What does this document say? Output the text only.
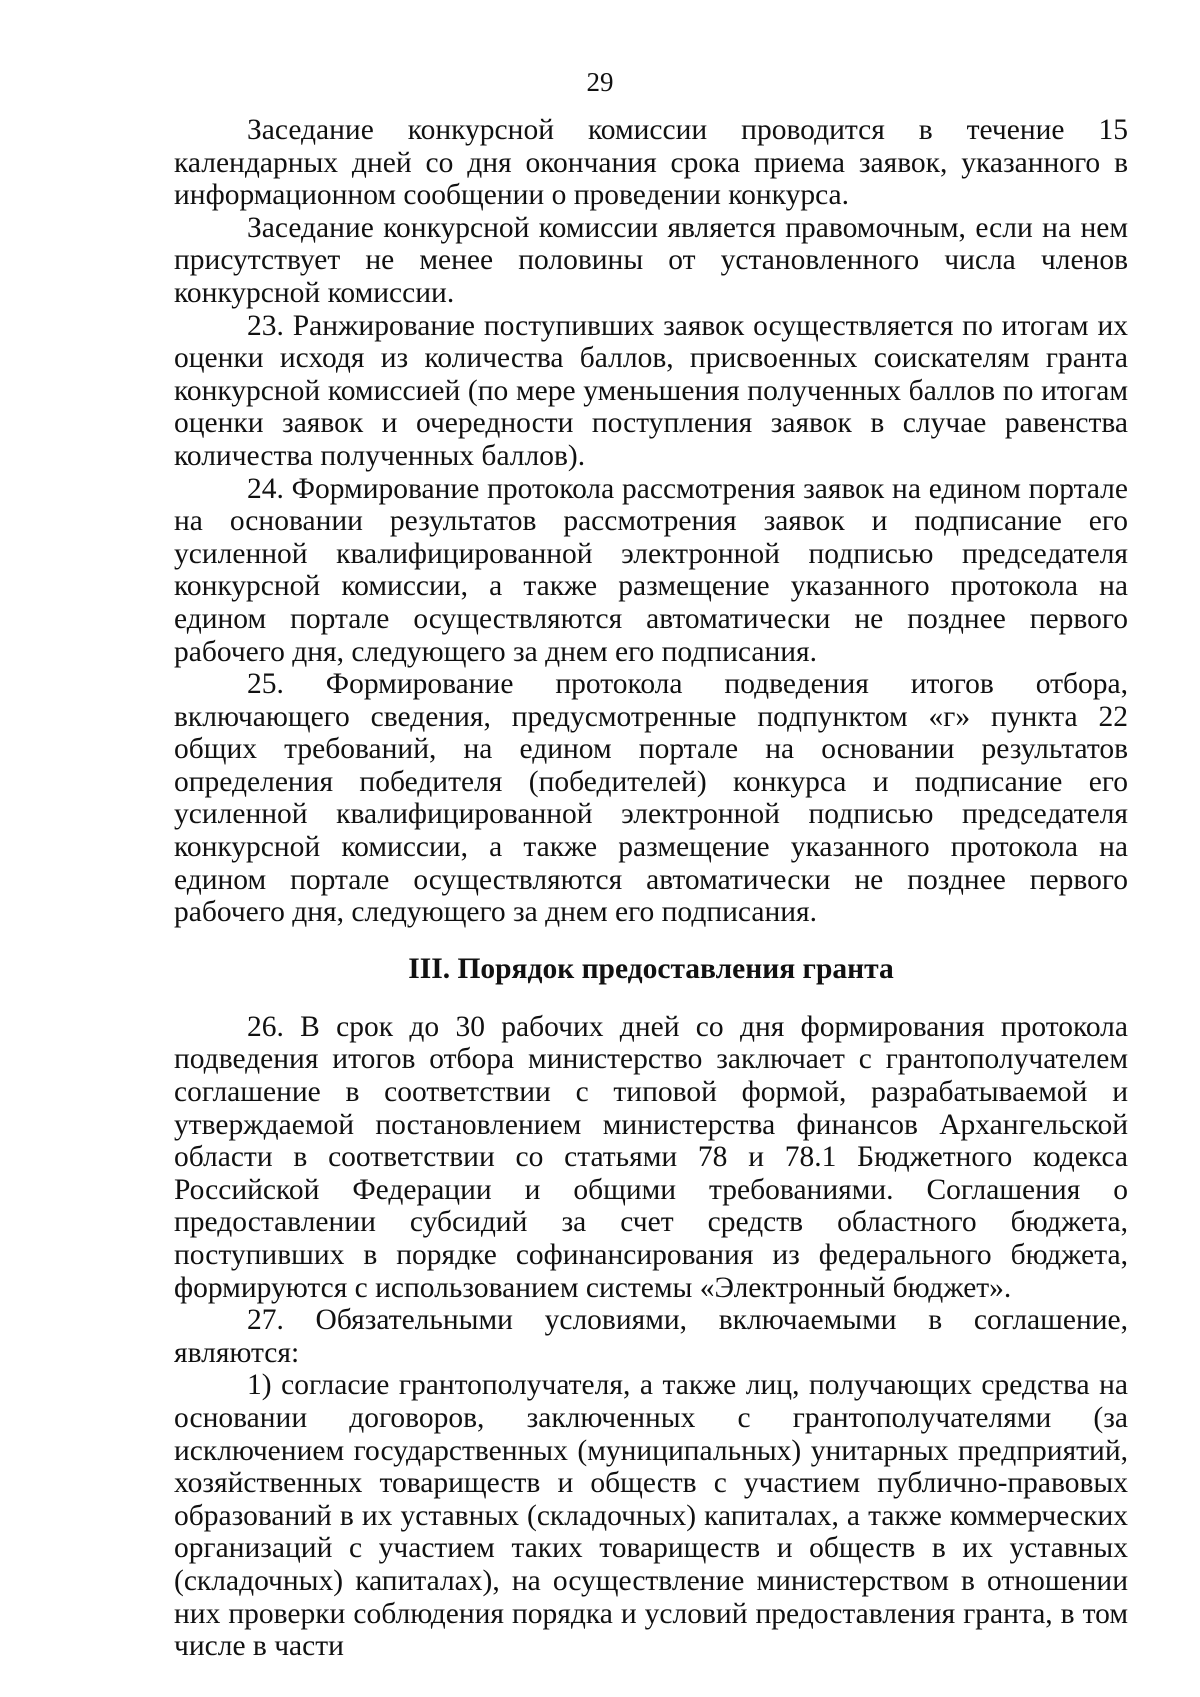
29

Заседание конкурсной комиссии проводится в течение 15 календарных дней со дня окончания срока приема заявок, указанного в информационном сообщении о проведении конкурса.

Заседание конкурсной комиссии является правомочным, если на нем присутствует не менее половины от установленного числа членов конкурсной комиссии.

23. Ранжирование поступивших заявок осуществляется по итогам их оценки исходя из количества баллов, присвоенных соискателям гранта конкурсной комиссией (по мере уменьшения полученных баллов по итогам оценки заявок и очередности поступления заявок в случае равенства количества полученных баллов).

24. Формирование протокола рассмотрения заявок на едином портале на основании результатов рассмотрения заявок и подписание его усиленной квалифицированной электронной подписью председателя конкурсной комиссии, а также размещение указанного протокола на едином портале осуществляются автоматически не позднее первого рабочего дня, следующего за днем его подписания.

25. Формирование протокола подведения итогов отбора, включающего сведения, предусмотренные подпунктом «г» пункта 22 общих требований, на едином портале на основании результатов определения победителя (победителей) конкурса и подписание его усиленной квалифицированной электронной подписью председателя конкурсной комиссии, а также размещение указанного протокола на едином портале осуществляются автоматически не позднее первого рабочего дня, следующего за днем его подписания.

III. Порядок предоставления гранта

26. В срок до 30 рабочих дней со дня формирования протокола подведения итогов отбора министерство заключает с грантополучателем соглашение в соответствии с типовой формой, разрабатываемой и утверждаемой постановлением министерства финансов Архангельской области в соответствии со статьями 78 и 78.1 Бюджетного кодекса Российской Федерации и общими требованиями. Соглашения о предоставлении субсидий за счет средств областного бюджета, поступивших в порядке софинансирования из федерального бюджета, формируются с использованием системы «Электронный бюджет».

27. Обязательными условиями, включаемыми в соглашение, являются:

1) согласие грантополучателя, а также лиц, получающих средства на основании договоров, заключенных с грантополучателями (за исключением государственных (муниципальных) унитарных предприятий, хозяйственных товариществ и обществ с участием публично-правовых образований в их уставных (складочных) капиталах, а также коммерческих организаций с участием таких товариществ и обществ в их уставных (складочных) капиталах), на осуществление министерством в отношении них проверки соблюдения порядка и условий предоставления гранта, в том числе в части
